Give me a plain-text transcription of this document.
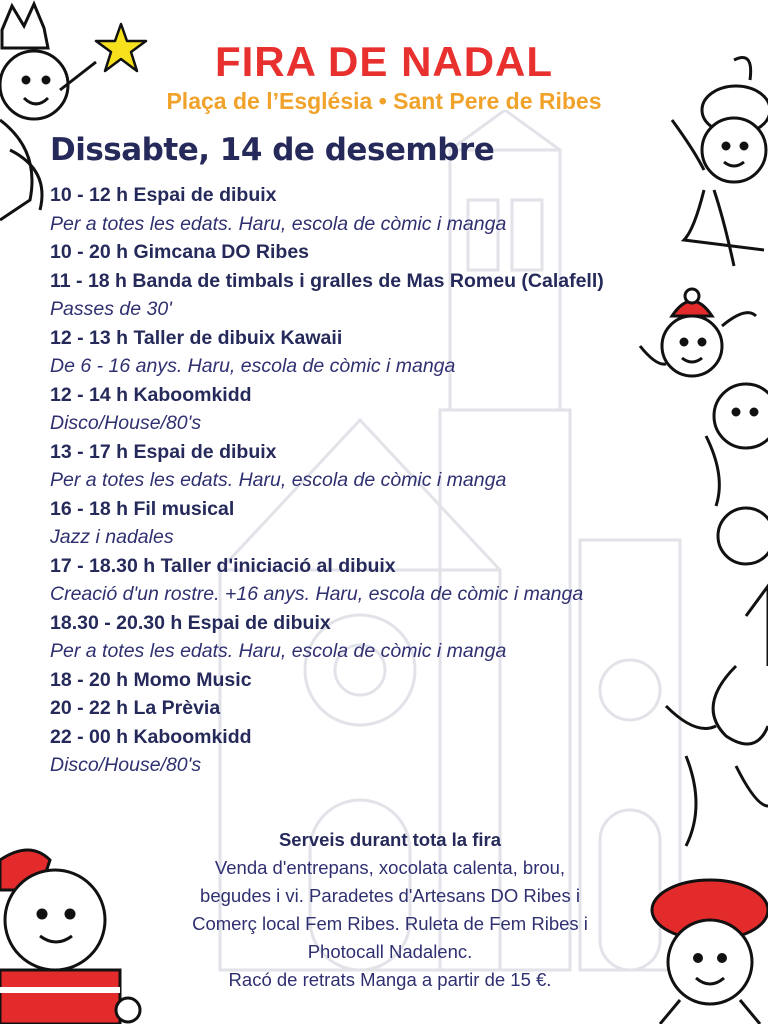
FIRA DE NADAL
Plaça de l’Església • Sant Pere de Ribes
Dissabte, 14 de desembre
10 - 12 h Espai de dibuix
Per a totes les edats. Haru, escola de còmic i manga
10 - 20 h Gimcana DO Ribes
11 - 18 h Banda de timbals i gralles de Mas Romeu (Calafell)
Passes de 30'
12 - 13 h Taller de dibuix Kawaii
De 6 - 16 anys. Haru, escola de còmic i manga
12 - 14 h Kaboomkidd
Disco/House/80's
13 - 17 h Espai de dibuix
Per a totes les edats. Haru, escola de còmic i manga
16 - 18 h Fil musical
Jazz i nadales
17 - 18.30 h Taller d'iniciació al dibuix
Creació d'un rostre. +16 anys. Haru, escola de còmic i manga
18.30 - 20.30 h Espai de dibuix
Per a totes les edats. Haru, escola de còmic i manga
18 - 20 h Momo Music
20 - 22 h La Prèvia
22 - 00 h Kaboomkidd
Disco/House/80's
Serveis durant tota la fira
Venda d'entrepans, xocolata calenta, brou,
begudes i vi. Paradetes d'Artesans DO Ribes i
Comerç local Fem Ribes. Ruleta de Fem Ribes i
Photocall Nadalenc.
Racó de retrats Manga a partir de 15 €.
